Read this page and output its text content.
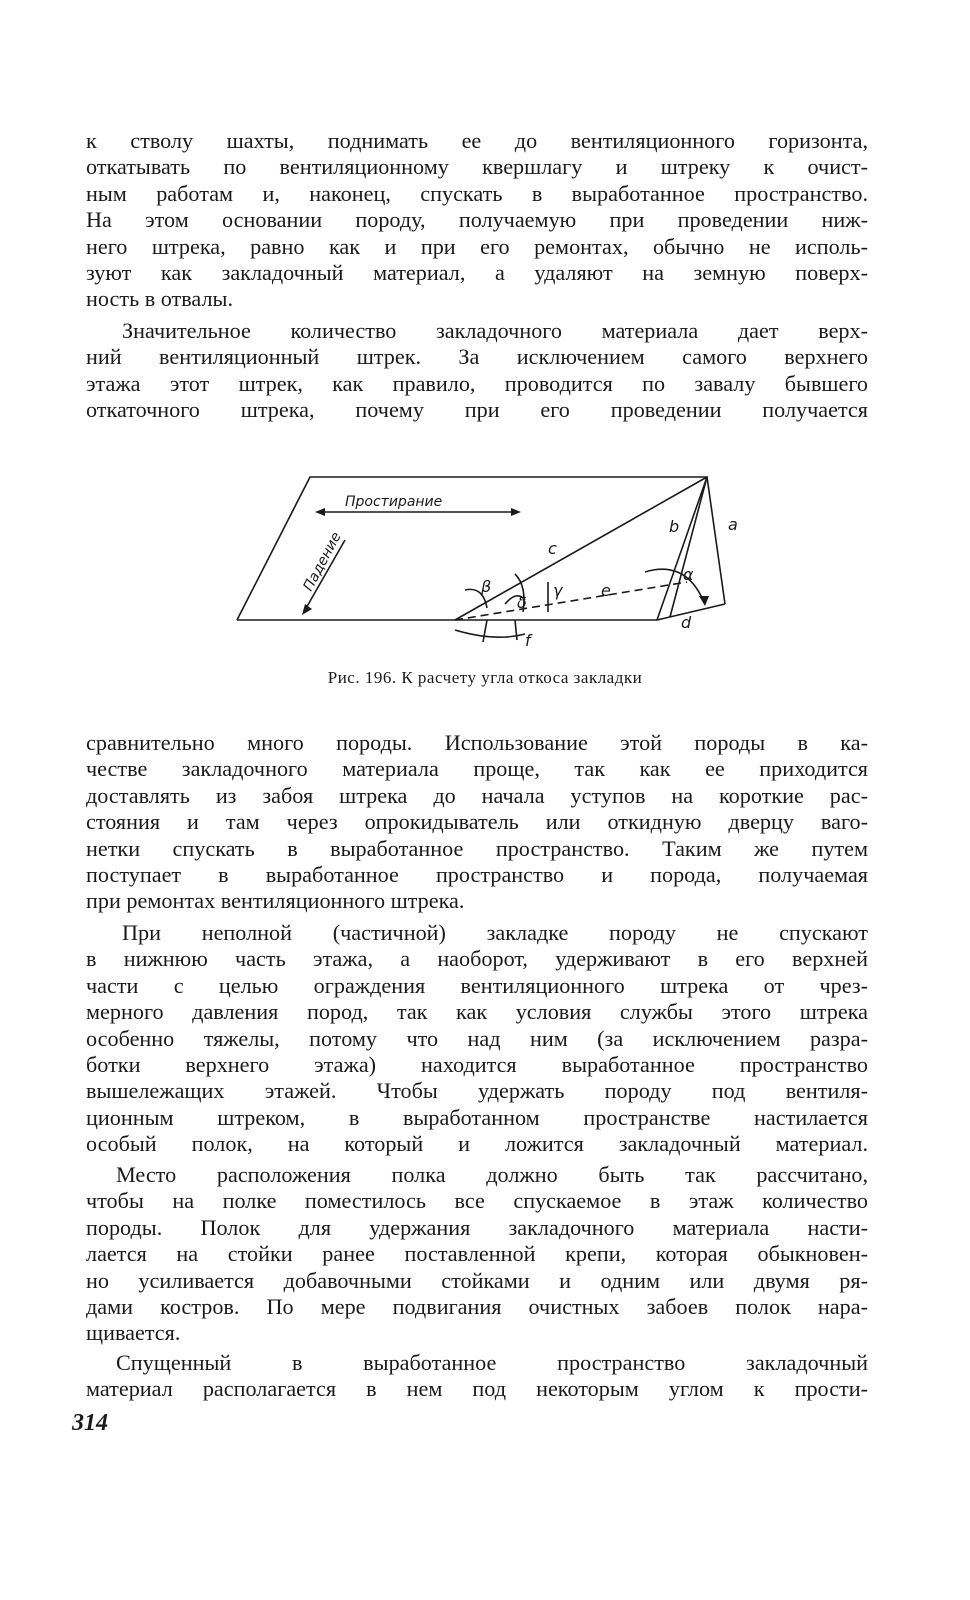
к стволу шахты, поднимать ее до вентиляционного горизонта,
откатывать по вентиляционному квершлагу и штреку к очист-
ным работам и, наконец, спускать в выработанное пространство.
На этом основании породу, получаемую при проведении ниж-
него штрека, равно как и при его ремонтах, обычно не исполь-
зуют как закладочный материал, а удаляют на земную поверх-
ность в отвалы.
Значительное количество закладочного материала дает верх-
ний вентиляционный штрек. За исключением самого верхнего
этажа этот штрек, как правило, проводится по завалу бывшего
откаточного штрека, почему при его проведении получается
Простирание
Падение
a
b
c
d
e
f
α
β	γ
δ
Рис. 196. К расчету угла откоса закладки
сравнительно много породы. Использование этой породы в ка-
честве закладочного материала проще, так как ее приходится
доставлять из забоя штрека до начала уступов на короткие рас-
стояния и там через опрокидыватель или откидную дверцу ваго-
нетки спускать в выработанное пространство. Таким же путем
поступает в выработанное пространство и порода, получаемая
при ремонтах вентиляционного штрека.
При неполной (частичной) закладке породу не спускают
в нижнюю часть этажа, а наоборот, удерживают в его верхней
части с целью ограждения вентиляционного штрека от чрез-
мерного давления пород, так как условия службы этого штрека
особенно тяжелы, потому что над ним (за исключением разра-
ботки верхнего этажа) находится выработанное пространство
вышележащих этажей. Чтобы удержать породу под вентиля-
ционным штреком, в выработанном пространстве настилается
особый полок, на который и ложится закладочный материал.
Место расположения полка должно быть так рассчитано,
чтобы на полке поместилось все спускаемое в этаж количество
породы. Полок для удержания закладочного материала насти-
лается на стойки ранее поставленной крепи, которая обыкновен-
но усиливается добавочными стойками и одним или двумя ря-
дами костров. По мере подвигания очистных забоев полок нара-
щивается.
Спущенный в выработанное пространство закладочный
материал располагается в нем под некоторым углом к прости-
314
